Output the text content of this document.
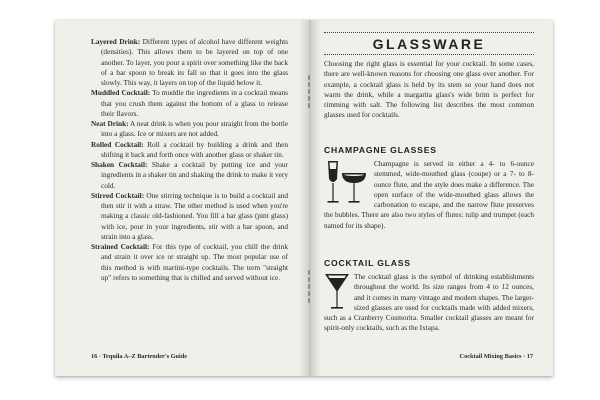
Layered Drink: Different types of alcohol have different weights (densities). This allows them to be layered on top of one another. To layer, you pour a spirit over something like the back of a bar spoon to break its fall so that it goes into the glass slowly. This way, it layers on top of the liquid below it.

Muddled Cocktail: To muddle the ingredients in a cocktail means that you crush them against the bottom of a glass to release their flavors.

Neat Drink: A neat drink is when you pour straight from the bottle into a glass. Ice or mixers are not added.

Rolled Cocktail: Roll a cocktail by building a drink and then shifting it back and forth once with another glass or shaker tin.

Shaken Cocktail: Shake a cocktail by putting ice and your ingredients in a shaker tin and shaking the drink to make it very cold.

Stirred Cocktail: One stirring technique is to build a cocktail and then stir it with a straw. The other method is used when you're making a classic old-fashioned. You fill a bar glass (pint glass) with ice, pour in your ingredients, stir with a bar spoon, and strain into a glass.

Strained Cocktail: For this type of cocktail, you chill the drink and strain it over ice or straight up. The most popular use of this method is with martini-type cocktails. The term "straight up" refers to something that is chilled and served without ice.

16 · Tequila A–Z Bartender's Guide
GLASSWARE

Choosing the right glass is essential for your cocktail. In some cases, there are well-known reasons for choosing one glass over another. For example, a cocktail glass is held by its stem so your hand does not warm the drink, while a margarita glass's wide brim is perfect for rimming with salt. The following list describes the most common glasses used for cocktails.

CHAMPAGNE GLASSES

Champagne is served in either a 4- to 6-ounce stemmed, wide-mouthed glass (coupe) or a 7- to 8-ounce flute, and the style does make a difference. The open surface of the wide-mouthed glass allows the carbonation to escape, and the narrow flute preserves the bubbles. There are also two styles of flutes: tulip and trumpet (each named for its shape).

COCKTAIL GLASS

The cocktail glass is the symbol of drinking establishments throughout the world. Its size ranges from 4 to 12 ounces, and it comes in many vintage and modern shapes. The larger-sized glasses are used for cocktails made with added mixers, such as a Cranberry Cosmorita. Smaller cocktail glasses are meant for spirit-only cocktails, such as the Ixtapa.

Cocktail Mixing Basics · 17
